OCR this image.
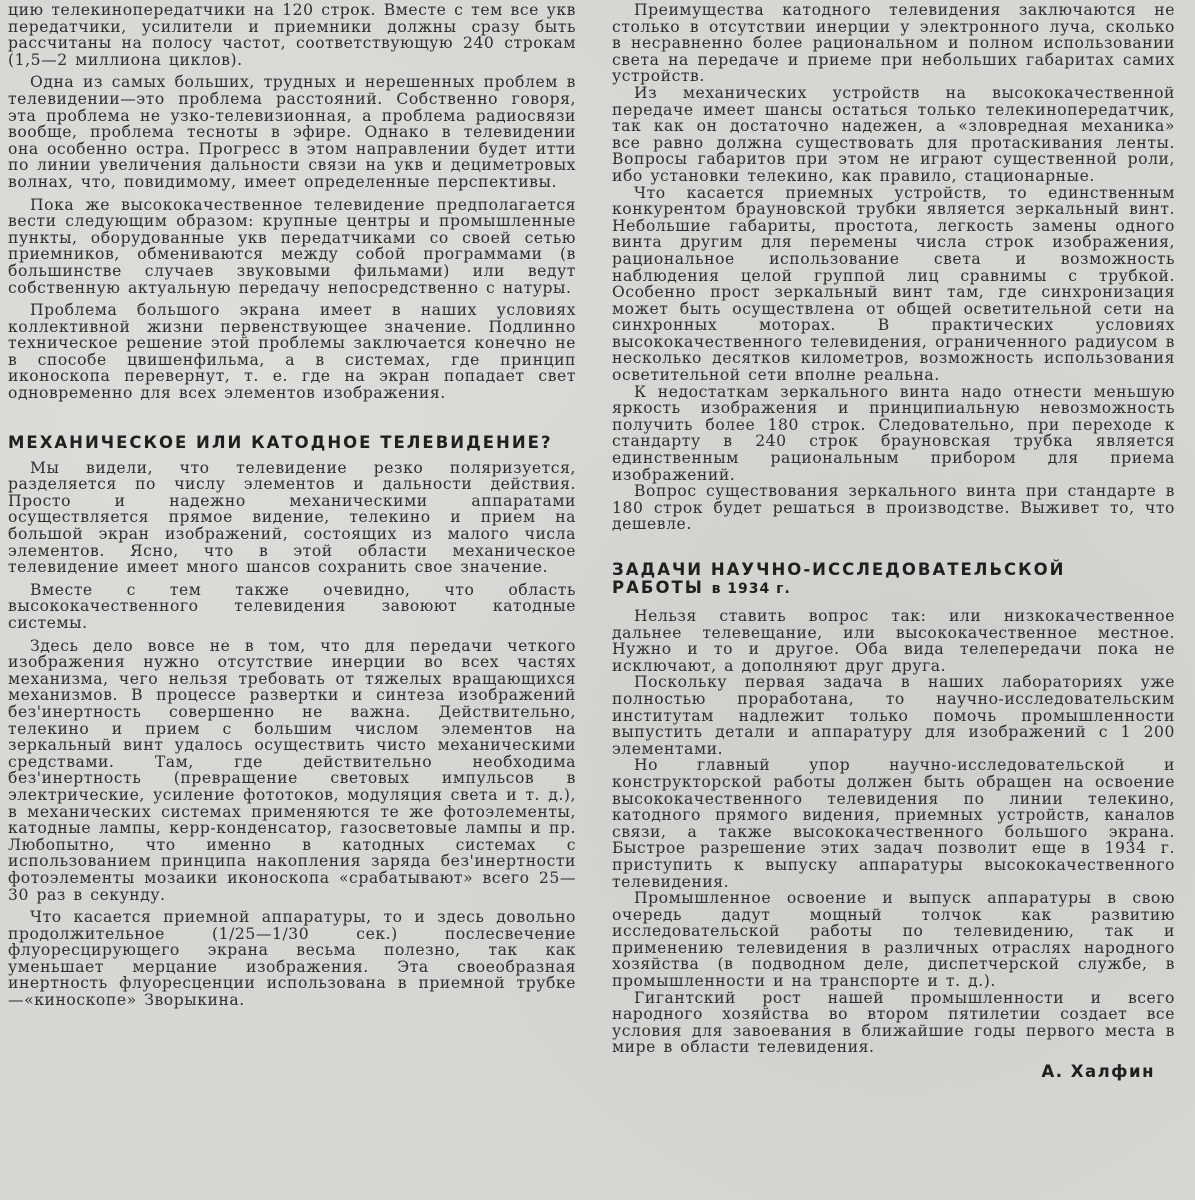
цию телекинопередатчики на 120 строк. Вместе с тем все укв передатчики, усилители и приемники должны сразу быть рассчитаны на полосу частот, соответствующую 240 строкам (1,5—2 миллиона циклов).

Одна из самых больших, трудных и нерешенных проблем в телевидении—это проблема расстояний. Собственно говоря, эта проблема не узко-телевизионная, а проблема радиосвязи вообще, проблема тесноты в эфире. Однако в телевидении она особенно остра. Прогресс в этом направлении будет итти по линии увеличения дальности связи на укв и дециметровых волнах, что, повидимому, имеет определенные перспективы.

Пока же высококачественное телевидение предполагается вести следующим образом: крупные центры и промышленные пункты, оборудованные укв передатчиками со своей сетью приемников, обмениваются между собой программами (в большинстве случаев звуковыми фильмами) или ведут собственную актуальную передачу непосредственно с натуры.

Проблема большого экрана имеет в наших условиях коллективной жизни первенствующее значение. Подлинно техническое решение этой проблемы заключается конечно не в способе цвишенфильма, а в системах, где принцип иконоскопа перевернут, т. е. где на экран попадает свет одновременно для всех элементов изображения.

МЕХАНИЧЕСКОЕ ИЛИ КАТОДНОЕ ТЕЛЕВИДЕНИЕ?

Мы видели, что телевидение резко поляризуется, разделяется по числу элементов и дальности действия. Просто и надежно механическими аппаратами осуществляется прямое видение, телекино и прием на большой экран изображений, состоящих из малого числа элементов. Ясно, что в этой области механическое телевидение имеет много шансов сохранить свое значение.

Вместе с тем также очевидно, что область высококачественного телевидения завоюют катодные системы.

Здесь дело вовсе не в том, что для передачи четкого изображения нужно отсутствие инерции во всех частях механизма, чего нельзя требовать от тяжелых вращающихся механизмов. В процессе развертки и синтеза изображений без'инертность совершенно не важна. Действительно, телекино и прием с большим числом элементов на зеркальный винт удалось осуществить чисто механическими средствами. Там, где действительно необходима без'инертность (превращение световых импульсов в электрические, усиление фототоков, модуляция света и т. д.), в механических системах применяются те же фотоэлементы, катодные лампы, керр-конденсатор, газосветовые лампы и пр. Любопытно, что именно в катодных системах с использованием принципа накопления заряда без'инертности фотоэлементы мозаики иконоскопа «срабатывают» всего 25—30 раз в секунду.

Что касается приемной аппаратуры, то и здесь довольно продолжительное (1/25—1/30 сек.) послесвечение флуоресцирующего экрана весьма полезно, так как уменьшает мерцание изображения. Эта своеобразная инертность флуоресценции использована в приемной трубке—«киноскопе» Зворыкина.

Преимущества катодного телевидения заключаются не столько в отсутствии инерции у электронного луча, сколько в несравненно более рациональном и полном использовании света на передаче и приеме при небольших габаритах самих устройств.

Из механических устройств на высококачественной передаче имеет шансы остаться только телекинопередатчик, так как он достаточно надежен, а «зловредная механика» все равно должна существовать для протаскивания ленты. Вопросы габаритов при этом не играют существенной роли, ибо установки телекино, как правило, стационарные.

Что касается приемных устройств, то единственным конкурентом брауновской трубки является зеркальный винт. Небольшие габариты, простота, легкость замены одного винта другим для перемены числа строк изображения, рациональное использование света и возможность наблюдения целой группой лиц сравнимы с трубкой. Особенно прост зеркальный винт там, где синхронизация может быть осуществлена от общей осветительной сети на синхронных моторах. В практических условиях высококачественного телевидения, ограниченного радиусом в несколько десятков километров, возможность использования осветительной сети вполне реальна.

К недостаткам зеркального винта надо отнести меньшую яркость изображения и принципиальную невозможность получить более 180 строк. Следовательно, при переходе к стандарту в 240 строк брауновская трубка является единственным рациональным прибором для приема изображений.

Вопрос существования зеркального винта при стандарте в 180 строк будет решаться в производстве. Выживет то, что дешевле.

ЗАДАЧИ НАУЧНО-ИССЛЕДОВАТЕЛЬСКОЙ
РАБОТЫ в 1934 г.

Нельзя ставить вопрос так: или низкокачественное дальнее телевещание, или высококачественное местное. Нужно и то и другое. Оба вида телепередачи пока не исключают, а дополняют друг друга.

Поскольку первая задача в наших лабораториях уже полностью проработана, то научно-исследовательским институтам надлежит только помочь промышленности выпустить детали и аппаратуру для изображений с 1 200 элементами.

Но главный упор научно-исследовательской и конструкторской работы должен быть обращен на освоение высококачественного телевидения по линии телекино, катодного прямого видения, приемных устройств, каналов связи, а также высококачественного большого экрана. Быстрое разрешение этих задач позволит еще в 1934 г. приступить к выпуску аппаратуры высококачественного телевидения.

Промышленное освоение и выпуск аппаратуры в свою очередь дадут мощный толчок как развитию исследовательской работы по телевидению, так и применению телевидения в различных отраслях народного хозяйства (в подводном деле, диспетчерской службе, в промышленности и на транспорте и т. д.).

Гигантский рост нашей промышленности и всего народного хозяйства во втором пятилетии создает все условия для завоевания в ближайшие годы первого места в мире в области телевидения.

А. Халфин
